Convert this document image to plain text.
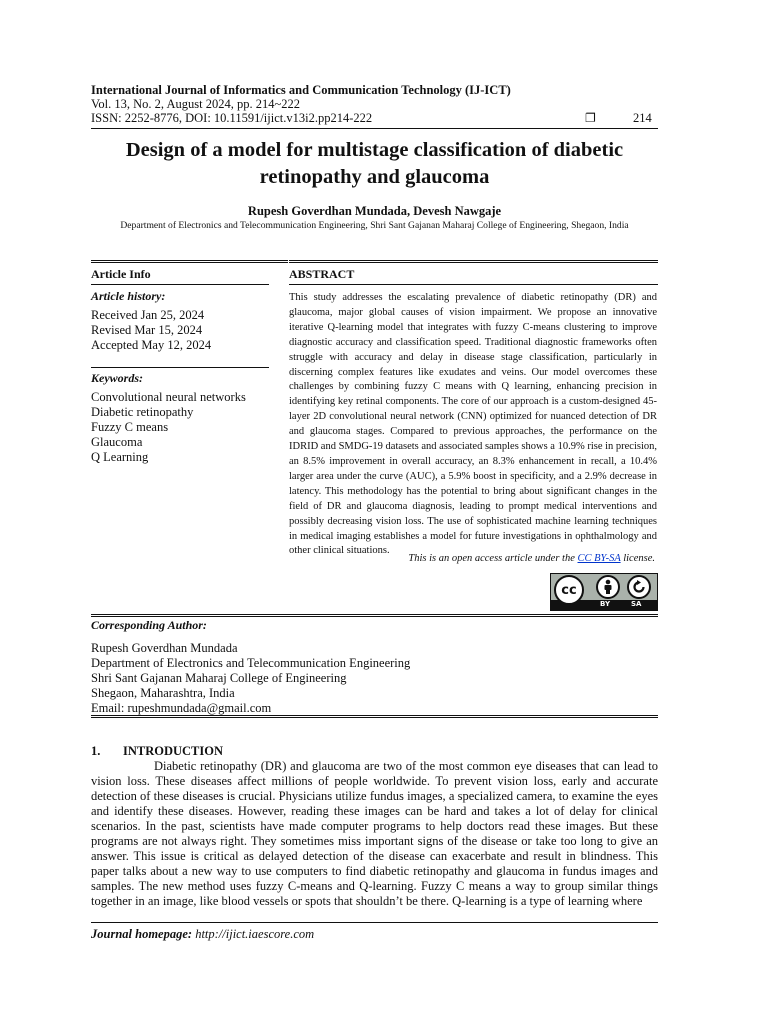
International Journal of Informatics and Communication Technology (IJ-ICT)
Vol. 13, No. 2, August 2024, pp. 214~222
ISSN: 2252-8776, DOI: 10.11591/ijict.v13i2.pp214-222	❐	214
Design of a model for multistage classification of diabetic retinopathy and glaucoma
Rupesh Goverdhan Mundada, Devesh Nawgaje
Department of Electronics and Telecommunication Engineering, Shri Sant Gajanan Maharaj College of Engineering, Shegaon, India
Article Info	ABSTRACT
Article history:
Received Jan 25, 2024
Revised Mar 15, 2024
Accepted May 12, 2024
Keywords:
Convolutional neural networks
Diabetic retinopathy
Fuzzy C means
Glaucoma
Q Learning
This study addresses the escalating prevalence of diabetic retinopathy (DR) and glaucoma, major global causes of vision impairment. We propose an innovative iterative Q-learning model that integrates with fuzzy C-means clustering to improve diagnostic accuracy and classification speed. Traditional diagnostic frameworks often struggle with accuracy and delay in disease stage classification, particularly in discerning complex features like exudates and veins. Our model overcomes these challenges by combining fuzzy C means with Q learning, enhancing precision in identifying key retinal components. The core of our approach is a custom-designed 45-layer 2D convolutional neural network (CNN) optimized for nuanced detection of DR and glaucoma stages. Compared to previous approaches, the performance on the IDRID and SMDG-19 datasets and associated samples shows a 10.9% rise in precision, an 8.5% improvement in overall accuracy, an 8.3% enhancement in recall, a 10.4% larger area under the curve (AUC), a 5.9% boost in specificity, and a 2.9% decrease in latency. This methodology has the potential to bring about significant changes in the field of DR and glaucoma diagnosis, leading to prompt medical interventions and possibly decreasing vision loss. The use of sophisticated machine learning techniques in medical imaging establishes a model for future investigations in ophthalmology and other clinical situations.
This is an open access article under the CC BY-SA license.
cc
BY	SA
Corresponding Author:
Rupesh Goverdhan Mundada
Department of Electronics and Telecommunication Engineering
Shri Sant Gajanan Maharaj College of Engineering
Shegaon, Maharashtra, India
Email: rupeshmundada@gmail.com
1. INTRODUCTION

Diabetic retinopathy (DR) and glaucoma are two of the most common eye diseases that can lead to vision loss. These diseases affect millions of people worldwide. To prevent vision loss, early and accurate detection of these diseases is crucial. Physicians utilize fundus images, a specialized camera, to examine the eyes and identify these diseases. However, reading these images can be hard and takes a lot of delay for clinical scenarios. In the past, scientists have made computer programs to help doctors read these images. But these programs are not always right. They sometimes miss important signs of the disease or take too long to give an answer. This issue is critical as delayed detection of the disease can exacerbate and result in blindness. This paper talks about a new way to use computers to find diabetic retinopathy and glaucoma in fundus images and samples. The new method uses fuzzy C-means and Q-learning. Fuzzy C means a way to group similar things together in an image, like blood vessels or spots that shouldn’t be there. Q-learning is a type of learning where

Journal homepage: http://ijict.iaescore.com
